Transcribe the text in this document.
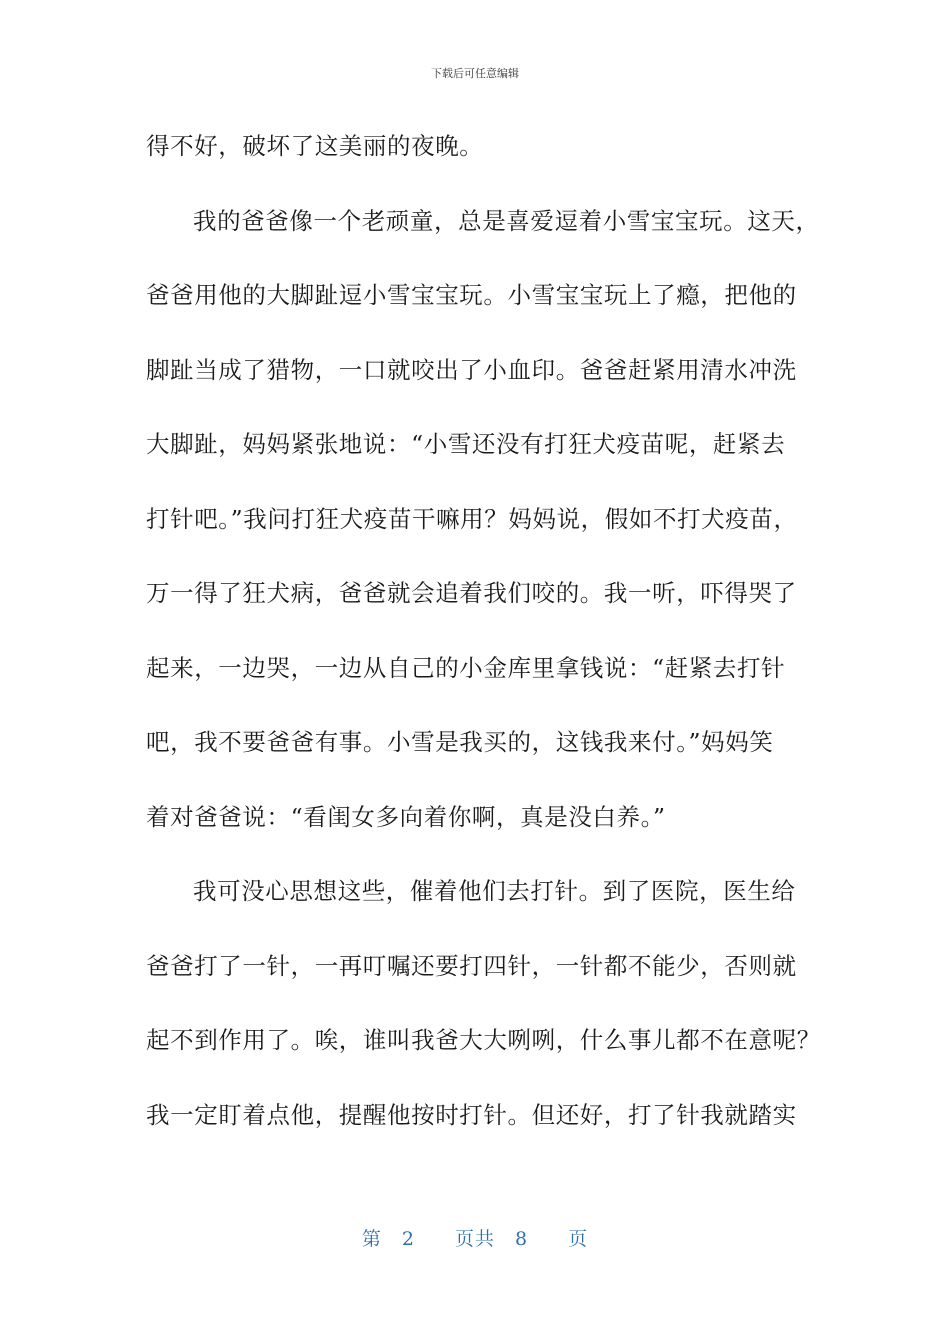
下载后可任意编辑
得不好，破坏了这美丽的夜晚。
我的爸爸像一个老顽童，总是喜爱逗着小雪宝宝玩。这天，
爸爸用他的大脚趾逗小雪宝宝玩。小雪宝宝玩上了瘾，把他的
脚趾当成了猎物，一口就咬出了小血印。爸爸赶紧用清水冲洗
大脚趾，妈妈紧张地说：“小雪还没有打狂犬疫苗呢，赶紧去
打针吧。”我问打狂犬疫苗干嘛用？妈妈说，假如不打犬疫苗，
万一得了狂犬病，爸爸就会追着我们咬的。我一听，吓得哭了
起来，一边哭，一边从自己的小金库里拿钱说：“赶紧去打针
吧，我不要爸爸有事。小雪是我买的，这钱我来付。”妈妈笑
着对爸爸说：“看闺女多向着你啊，真是没白养。”
我可没心思想这些，催着他们去打针。到了医院，医生给
爸爸打了一针，一再叮嘱还要打四针，一针都不能少，否则就
起不到作用了。唉，谁叫我爸大大咧咧，什么事儿都不在意呢？
我一定盯着点他，提醒他按时打针。但还好，打了针我就踏实
第 2 页共 8 页
